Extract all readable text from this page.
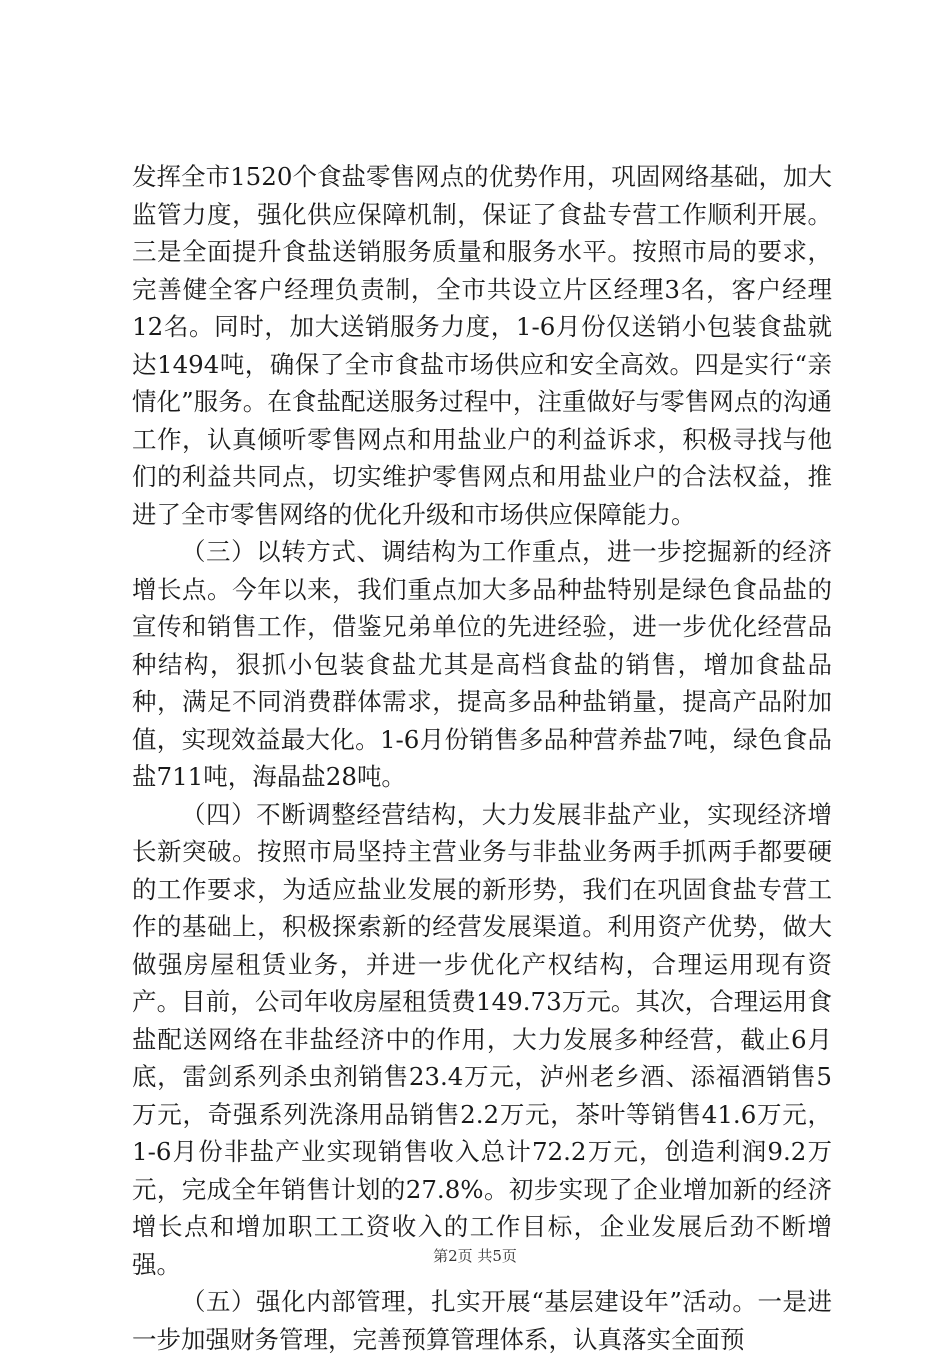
发挥全市1520个食盐零售网点的优势作用，巩固网络基础，加大监管力度，强化供应保障机制，保证了食盐专营工作顺利开展。三是全面提升食盐送销服务质量和服务水平。按照市局的要求，完善健全客户经理负责制，全市共设立片区经理3名，客户经理12名。同时，加大送销服务力度，1-6月份仅送销小包装食盐就达1494吨，确保了全市食盐市场供应和安全高效。四是实行“亲情化”服务。在食盐配送服务过程中，注重做好与零售网点的沟通工作，认真倾听零售网点和用盐业户的利益诉求，积极寻找与他们的利益共同点，切实维护零售网点和用盐业户的合法权益，推进了全市零售网络的优化升级和市场供应保障能力。

（三）以转方式、调结构为工作重点，进一步挖掘新的经济增长点。今年以来，我们重点加大多品种盐特别是绿色食品盐的宣传和销售工作，借鉴兄弟单位的先进经验，进一步优化经营品种结构，狠抓小包装食盐尤其是高档食盐的销售，增加食盐品种，满足不同消费群体需求，提高多品种盐销量，提高产品附加值，实现效益最大化。1-6月份销售多品种营养盐7吨，绿色食品盐711吨，海晶盐28吨。

（四）不断调整经营结构，大力发展非盐产业，实现经济增长新突破。按照市局坚持主营业务与非盐业务两手抓两手都要硬的工作要求，为适应盐业发展的新形势，我们在巩固食盐专营工作的基础上，积极探索新的经营发展渠道。利用资产优势，做大做强房屋租赁业务，并进一步优化产权结构，合理运用现有资产。目前，公司年收房屋租赁费149.73万元。其次，合理运用食盐配送网络在非盐经济中的作用，大力发展多种经营，截止6月底，雷剑系列杀虫剂销售23.4万元，泸州老乡酒、添福酒销售5万元，奇强系列洗涤用品销售2.2万元，茶叶等销售41.6万元，1-6月份非盐产业实现销售收入总计72.2万元，创造利润9.2万元，完成全年销售计划的27.8%。初步实现了企业增加新的经济增长点和增加职工工资收入的工作目标，企业发展后劲不断增强。

（五）强化内部管理，扎实开展“基层建设年”活动。一是进一步加强财务管理，完善预算管理体系，认真落实全面预

第2页 共5页
